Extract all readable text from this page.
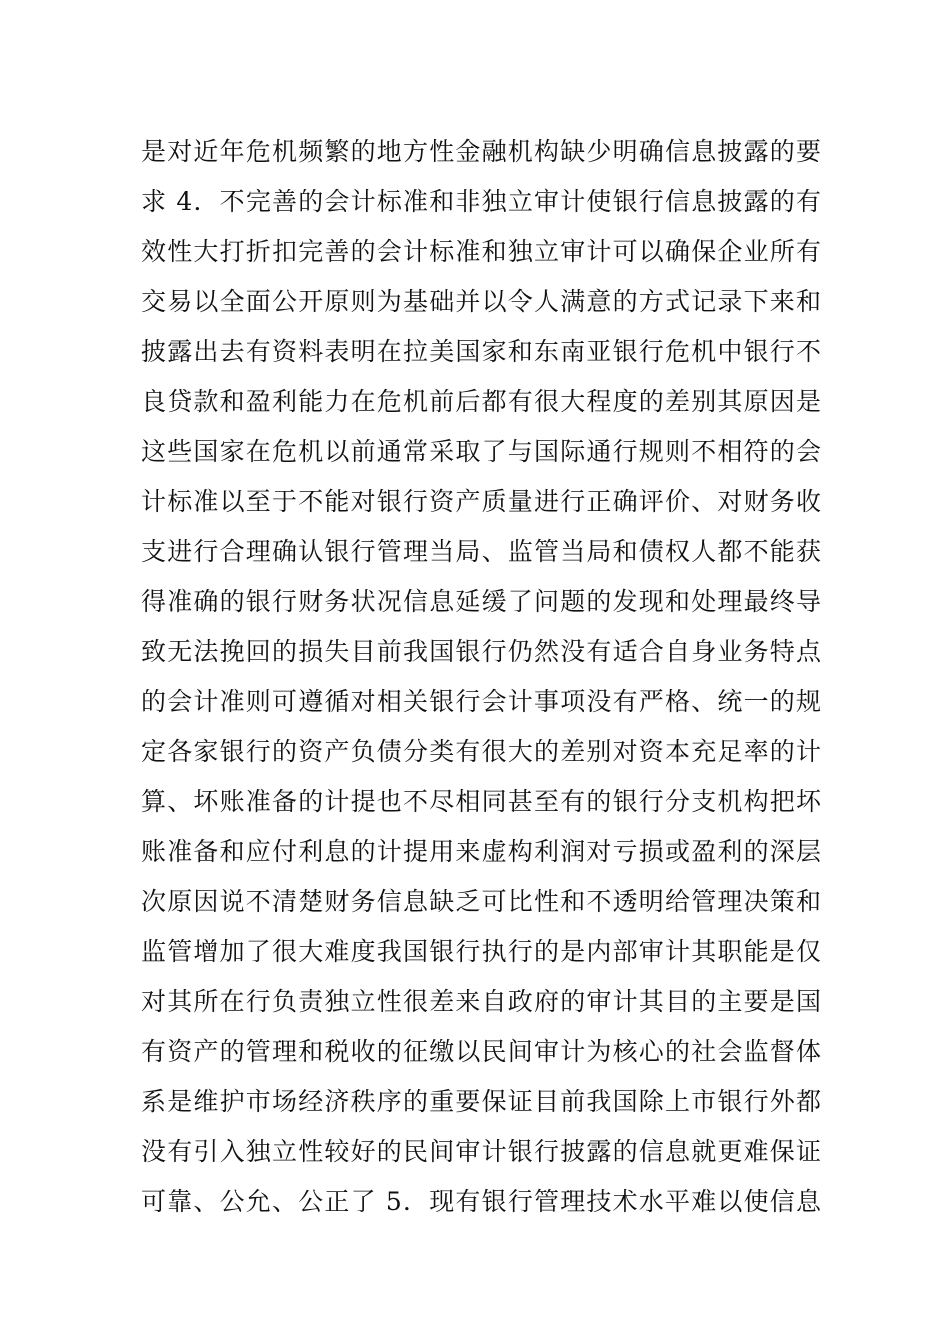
是对近年危机频繁的地方性金融机构缺少明确信息披露的要
求 4．不完善的会计标准和非独立审计使银行信息披露的有
效性大打折扣完善的会计标准和独立审计可以确保企业所有
交易以全面公开原则为基础并以令人满意的方式记录下来和
披露出去有资料表明在拉美国家和东南亚银行危机中银行不
良贷款和盈利能力在危机前后都有很大程度的差别其原因是
这些国家在危机以前通常采取了与国际通行规则不相符的会
计标准以至于不能对银行资产质量进行正确评价、对财务收
支进行合理确认银行管理当局、监管当局和债权人都不能获
得准确的银行财务状况信息延缓了问题的发现和处理最终导
致无法挽回的损失目前我国银行仍然没有适合自身业务特点
的会计准则可遵循对相关银行会计事项没有严格、统一的规
定各家银行的资产负债分类有很大的差别对资本充足率的计
算、坏账准备的计提也不尽相同甚至有的银行分支机构把坏
账准备和应付利息的计提用来虚构利润对亏损或盈利的深层
次原因说不清楚财务信息缺乏可比性和不透明给管理决策和
监管增加了很大难度我国银行执行的是内部审计其职能是仅
对其所在行负责独立性很差来自政府的审计其目的主要是国
有资产的管理和税收的征缴以民间审计为核心的社会监督体
系是维护市场经济秩序的重要保证目前我国除上市银行外都
没有引入独立性较好的民间审计银行披露的信息就更难保证
可靠、公允、公正了 5．现有银行管理技术水平难以使信息
